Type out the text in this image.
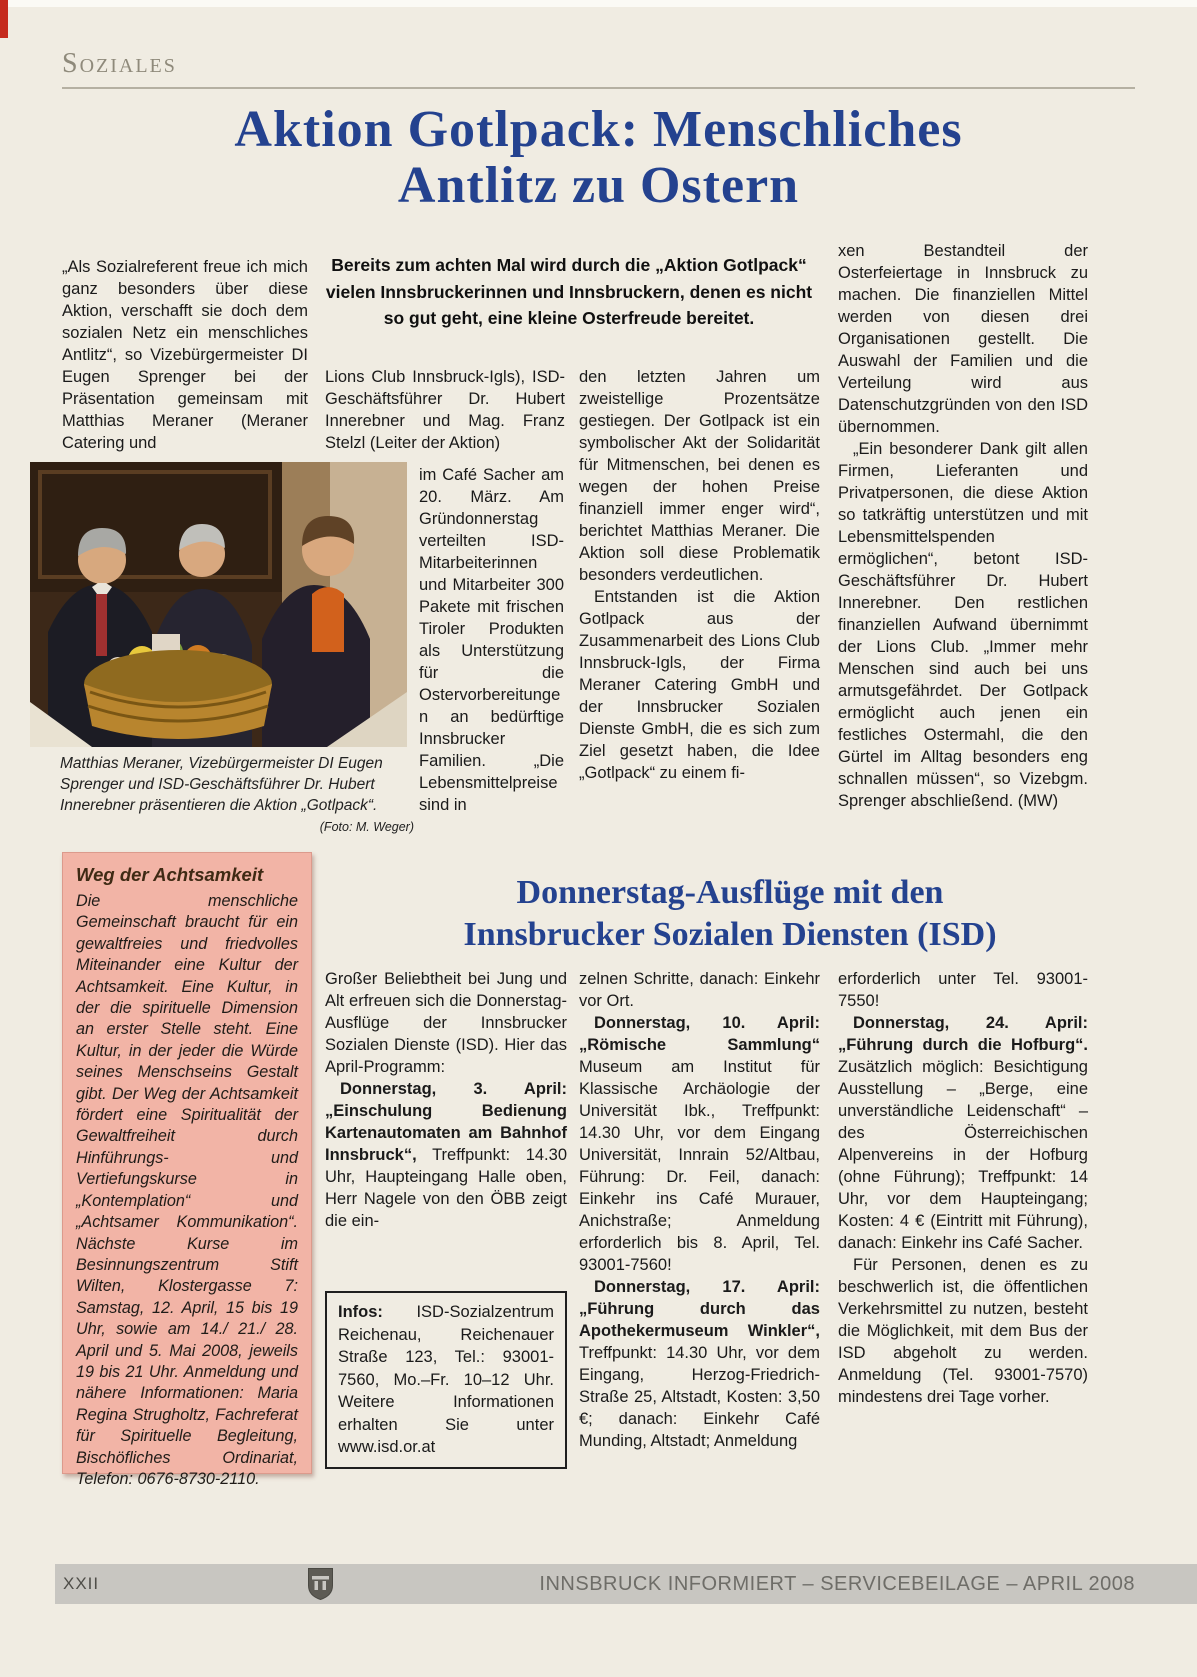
Soziales
Aktion Gotlpack: Menschliches
Antlitz zu Ostern

„Als Sozialreferent freue ich mich ganz besonders über diese Aktion, verschafft sie doch dem sozialen Netz ein menschliches Antlitz“, so Vizebürgermeister DI Eugen Sprenger bei der Präsentation gemeinsam mit Matthias Meraner (Meraner Catering und

Bereits zum achten Mal wird durch die „Aktion Gotlpack“ vielen Innsbruckerinnen und Innsbruckern, denen es nicht so gut geht, eine kleine Osterfreude bereitet.

Lions Club Innsbruck-Igls), ISD-Geschäftsführer Dr. Hubert Innerebner und Mag. Franz Stelzl (Leiter der Aktion)

im Café Sacher am 20. März. Am Gründonnerstag verteilten ISD-Mitarbeiterinnen und Mitarbeiter 300 Pakete mit frischen Tiroler Produkten als Unterstützung für die Ostervorbereitungen an bedürftige Innsbrucker Familien. „Die Lebensmittelpreise sind in

Matthias Meraner, Vizebürgermeister DI Eugen Sprenger und ISD-Geschäftsführer Dr. Hubert Innerebner präsentieren die Aktion „Gotlpack“.
(Foto: M. Weger)

den letzten Jahren um zweistellige Prozentsätze gestiegen. Der Gotlpack ist ein symbolischer Akt der Solidarität für Mitmenschen, bei denen es wegen der hohen Preise finanziell immer enger wird“, berichtet Matthias Meraner. Die Aktion soll diese Problematik besonders verdeutlichen.

Entstanden ist die Aktion Gotlpack aus der Zusammenarbeit des Lions Club Innsbruck-Igls, der Firma Meraner Catering GmbH und der Innsbrucker Sozialen Dienste GmbH, die es sich zum Ziel gesetzt haben, die Idee „Gotlpack“ zu einem fi-

xen Bestandteil der Osterfeiertage in Innsbruck zu machen. Die finanziellen Mittel werden von diesen drei Organisationen gestellt. Die Auswahl der Familien und die Verteilung wird aus Datenschutzgründen von den ISD übernommen.

„Ein besonderer Dank gilt allen Firmen, Lieferanten und Privatpersonen, die diese Aktion so tatkräftig unterstützen und mit Lebensmittelspenden ermöglichen“, betont ISD-Geschäftsführer Dr. Hubert Innerebner. Den restlichen finanziellen Aufwand übernimmt der Lions Club. „Immer mehr Menschen sind auch bei uns armutsgefährdet. Der Gotlpack ermöglicht auch jenen ein festliches Ostermahl, die den Gürtel im Alltag besonders eng schnallen müssen“, so Vizebgm. Sprenger abschließend. (MW)

Weg der Achtsamkeit

Die menschliche Gemeinschaft braucht für ein gewaltfreies und friedvolles Miteinander eine Kultur der Achtsamkeit. Eine Kultur, in der die spirituelle Dimension an erster Stelle steht. Eine Kultur, in der jeder die Würde seines Menschseins Gestalt gibt. Der Weg der Achtsamkeit fördert eine Spiritualität der Gewaltfreiheit durch Hinführungs- und Vertiefungskurse in „Kontemplation“ und „Achtsamer Kommunikation“. Nächste Kurse im Besinnungszentrum Stift Wilten, Klostergasse 7: Samstag, 12. April, 15 bis 19 Uhr, sowie am 14./ 21./ 28. April und 5. Mai 2008, jeweils 19 bis 21 Uhr. Anmeldung und nähere Informationen: Maria Regina Strugholtz, Fachreferat für Spirituelle Begleitung, Bischöfliches Ordinariat, Telefon: 0676-8730-2110.

Donnerstag-Ausflüge mit den
Innsbrucker Sozialen Diensten (ISD)

Großer Beliebtheit bei Jung und Alt erfreuen sich die Donnerstag-Ausflüge der Innsbrucker Sozialen Dienste (ISD). Hier das April-Programm:

Donnerstag, 3. April: „Einschulung Bedienung Kartenautomaten am Bahnhof Innsbruck“, Treffpunkt: 14.30 Uhr, Haupteingang Halle oben, Herr Nagele von den ÖBB zeigt die ein-

Infos: ISD-Sozialzentrum Reichenau, Reichenauer Straße 123, Tel.: 93001-7560, Mo.–Fr. 10–12 Uhr. Weitere Informationen erhalten Sie unter www.isd.or.at

zelnen Schritte, danach: Einkehr vor Ort.

Donnerstag, 10. April: „Römische Sammlung“ Museum am Institut für Klassische Archäologie der Universität Ibk., Treffpunkt: 14.30 Uhr, vor dem Eingang Universität, Innrain 52/Altbau, Führung: Dr. Feil, danach: Einkehr ins Café Murauer, Anichstraße; Anmeldung erforderlich bis 8. April, Tel. 93001-7560!

Donnerstag, 17. April: „Führung durch das Apothekermuseum Winkler“, Treffpunkt: 14.30 Uhr, vor dem Eingang, Herzog-Friedrich-Straße 25, Altstadt, Kosten: 3,50 €; danach: Einkehr Café Munding, Altstadt; Anmeldung

erforderlich unter Tel. 93001-7550!

Donnerstag, 24. April: „Führung durch die Hofburg“. Zusätzlich möglich: Besichtigung Ausstellung – „Berge, eine unverständliche Leidenschaft“ – des Österreichischen Alpenvereins in der Hofburg (ohne Führung); Treffpunkt: 14 Uhr, vor dem Haupteingang; Kosten: 4 € (Eintritt mit Führung), danach: Einkehr ins Café Sacher.

Für Personen, denen es zu beschwerlich ist, die öffentlichen Verkehrsmittel zu nutzen, besteht die Möglichkeit, mit dem Bus der ISD abgeholt zu werden. Anmeldung (Tel. 93001-7570) mindestens drei Tage vorher.

XXII	INNSBRUCK INFORMIERT – SERVICEBEILAGE – APRIL 2008
